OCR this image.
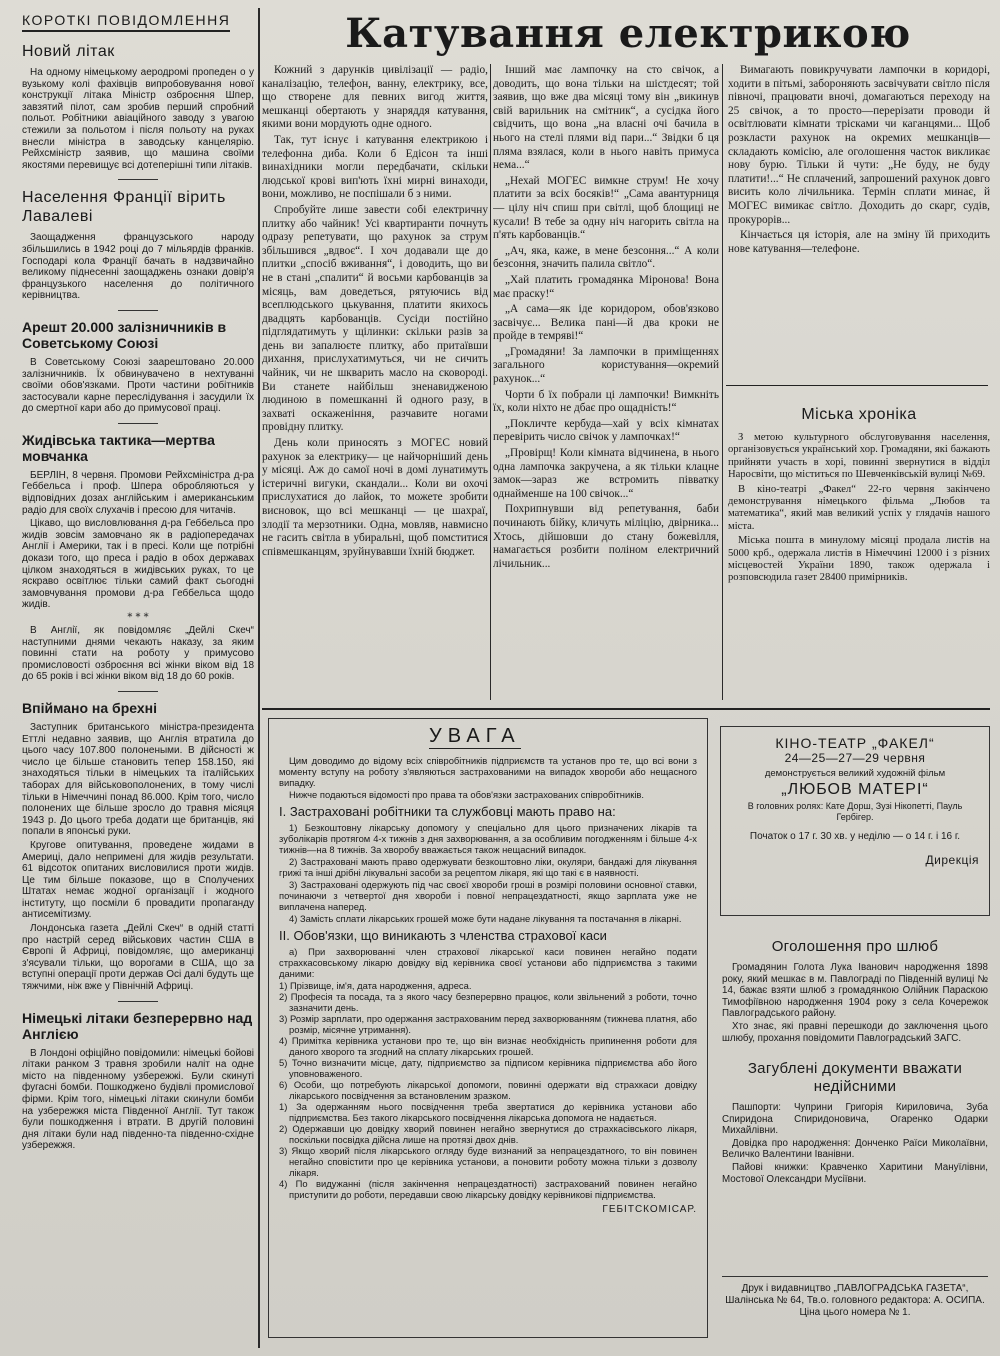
КОРОТКІ ПОВІДОМЛЕННЯ
Новий літак

На одному німецькому аеродромі пропеден о у вузькому колі фахівців випробовування нової конструкції літака Міністр озброєння Шпер, завзятий пілот, сам зробив перший спробний польот. Робітники авіаційного заводу з увагою стежили за польотом і після польоту на руках внесли міністра в заводську канцелярію. Рейхсміністр заявив, що машина своїми якостями перевищує всі дотеперішні типи літаків.

Населення Франції вірить Лавалеві

Заощадження французського народу збільшились в 1942 році до 7 мільярдів франків. Господарі кола Франції бачать в надзвичайно великому піднесенні заощаджень ознаки довір'я французького населення до політичного керівництва.

Арешт 20.000 залізничників в Советському Союзі

В Советському Союзі заарештовано 20.000 залізничників. Їх обвинувачено в нехтуванні своїми обов'язками. Проти частини робітників застосували карне переслідування і засудили їх до смертної кари або до примусової праці.

Жидівська тактика—мертва мовчанка

БЕРЛІН, 8 червня. Промови Рейхсміністра д-ра Геббельса і проф. Шпера обробляються у відповідних дозах англійським і американським радіо для своїх слухачів і пресою для читачів.

Цікаво, що висловлювання д-ра Геббельса про жидів зовсім замовчано як в радіопередачах Англії і Америки, так і в пресі. Коли ще потрібні докази того, що преса і радіо в обох державах цілком знаходяться в жидівських руках, то це яскраво освітлює тільки самий факт сьогодні замовчування промови д-ра Геббельса щодо жидів.

* * *

В Англії, як повідомляє „Дейлі Скеч“ наступними днями чекають наказу, за яким повинні стати на роботу у примусово промисловості озброєння всі жінки віком від 18 до 65 років і всі жінки віком від 18 до 60 років.

Впіймано на брехні

Заступник британського міністра-президента Еттлі недавно заявив, що Англія втратила до цього часу 107.800 полонеными. В дійсності ж число це більше становить тепер 158.150, які знаходяться тільки в німецьких та італійських таборах для військовополонених, в тому числі тільки в Німеччині понад 86.000. Крім того, число полонених ще більше зросло до травня місяця 1943 р. До цього треба додати ще британців, які попали в японські руки.

Кругове опитування, проведене жидами в Америці, дало непримені для жидів результати. 61 відсоток опитаних висловилися проти жидів. Це тим більше показове, що в Сполучених Штатах немає жодної організації і жодного інституту, що посміли б провадити пропаганду антисемітизму.

Лондонська газета „Дейлі Скеч“ в одній статті про настрій серед військових частин США в Європі й Африці, повідомляє, що американці з'ясували тільки, що ворогами в США, що за вступні операції проти держав Осі далі будуть ще тяжчими, ніж вже у Північній Африці.

Німецькі літаки безперервно над Англією

В Лондоні офіційно повідомили: німецькі бойові літаки ранком 3 травня зробили наліт на одне місто на південному узбережжі. Були скинуті фугасні бомби. Пошкоджено будівлі промислової фірми. Крім того, німецькі літаки скинули бомби на узбережжя міста Південної Англії. Тут також були пошкодження і втрати. В другій половині дня літаки були над південно-та південно-східне узбережжя.

Катування електрикою

Кожний з дарунків цивілізації — радіо, каналізацію, телефон, ванну, електрику, все, що створене для певних вигод життя, мешканці обертають у знаряддя катування, якими вони мордують одне одного.

Так, тут існує і катування електрикою і телефонна диба. Коли б Едісон та інші винахідники могли передбачати, скільки людської крові вип'ють їхні мирні винаходи, вони, можливо, не поспішали б з ними.

Спробуйте лише завести собі електричну плитку або чайник! Усі квартиранти почнуть одразу репетувати, що рахунок за струм збільшився „вдвоє“. І хоч додавали ще до плитки „спосіб вживання“, і доводить, що ви не в стані „спалити“ й восьми карбованців за місяць, вам доведеться, рятуючись від всеплюдського цькування, платити якихось двадцять карбованців. Сусіди постійно підглядатимуть у щілинки: скільки разів за день ви запалюєте плитку, або притаївши дихання, прислухатимуться, чи не сичить чайник, чи не шкварить масло на сковороді. Ви станете найбільш зненавидженою людиною в помешканні й одного разу, в захваті оскаженіння, разчавите ногами провідну плитку.

День коли приносять з МОГЕС новий рахунок за електрику— це найчорніший день у місяці. Аж до самої ночі в домі лунатимуть істеричні вигуки, скандали... Коли ви охочі прислухатися до лайок, то можете зробити висновок, що всі мешканці — це шахраї, злодії та мерзотники. Одна, мовляв, навмисно не гасить світла в убиральні, щоб помститися співмешканцям, зруйнувавши їхній бюджет.

Інший має лампочку на сто свічок, а доводить, що вона тільки на шістдесят; той заявив, що вже два місяці тому він „викинув свій варильник на смітник“, а сусідка його свідчить, що вона „на власні очі бачила в нього на стелі плями від пари...“ Звідки б ця пляма взялася, коли в нього навіть примуса нема...“

„Нехай МОГЕС вимкне струм! Не хочу платити за всіх босяків!“ „Сама авантурниця — цілу ніч спиш при світлі, щоб блощиці не кусали! В тебе за одну ніч нагорить світла на п'ять карбованців.“

„Ач, яка, каже, в мене безсоння...“ А коли безсоння, значить палила світло“.

„Хай платить громадянка Міронова! Вона має праску!“

„А сама—як іде коридором, обов'язково засвічує... Велика пані—й два кроки не пройде в темряві!“

„Громадяни! За лампочки в приміщеннях загального користування—окремий рахунок...“

Чорти б їх побрали ці лампочки! Вимкніть їх, коли ніхто не дбає про ощадність!“

„Покличте кербуда—хай у всіх кімнатах перевірить число свічок у лампочках!“

„Провірщ! Коли кімната відчинена, в нього одна лампочка закручена, а як тільки клацне замок—зараз же встромить півватку однайменше на 100 свічок...“

Похрипнувши від репетування, баби починають бійку, кличуть міліцію, двірника... Хтось, дійшовши до стану божевілля, намагається розбити поліном електричний лічильник...

Вимагають повикручувати лампочки в коридорі, ходити в пітьмі, забороняють засвічувати світло після півночі, працювати вночі, домагаються переходу на 25 свічок, а то просто—перерізати проводи й освітлювати кімнати трісками чи каганцями... Щоб розкласти рахунок на окремих мешканців—складають комісію, але оголошення часток викликає нову бурю. Тільки й чути: „Не буду, не буду платити!...“ Не сплачений, запрошений рахунок довго висить коло лічильника. Термін сплати минає, й МОГЕС вимикає світло. Доходить до скарг, судів, прокурорів...

Кінчається ця історія, але на зміну їй приходить нове катування—телефоне.

Міська хроніка

З метою культурного обслуговування населення, організовується український хор. Громадяни, які бажають прийняти участь в хорі, повинні звернутися в відділ Наросвіти, що міститься по Шевченківській вулиці №69.

В кіно-театрі „Факел“ 22-го червня закінчено демонстрування німецького фільма „Любов та математика“, який мав великий успіх у глядачів нашого міста.

Міська пошта в минулому місяці продала листів на 5000 крб., одержала листів в Німеччині 12000 і з різних місцевостей України 1890, також одержала і розповсюдила газет 28400 примірників.

УВАГА

Цим доводимо до відому всіх співробітників підприємств та установ про те, що всі вони з моменту вступу на роботу з'являються застрахованими на випадок хвороби або нещасного випадку.

Нижче подаються відомості про права та обов'язки застрахованих співробітників.

І. Застраховані робітники та службовці мають право на:

1) Безкоштовну лікарську допомогу у спеціально для цього призначених лікарів та зуболікарів протягом 4-х тижнів з дня захворювання, а за особливим погодженням і більше 4-х тижнів—на 8 тижнів. За хворобу вважається також нещасний випадок.

2) Застраховані мають право одержувати безкоштовно ліки, окуляри, бандажі для лікування грижі та інші дрібні лікувальні засоби за рецептом лікаря, які що такі є в наявності.

3) Застраховані одержують під час своєї хвороби гроші в розмірі половини основної ставки, починаючи з четвертої дня хвороби і повної непрацездатності, якщо зарплата уже не виплачена наперед.

4) Замість сплати лікарських грошей може бути надане лікування та постачання в лікарні.

ІІ. Обов'язки, що виникають з членства страхової каси

а) При захворюванні член страхової лікарської каси повинен негайно подати страхкасовському лікарю довідку від керівника своєї установи або підприємства з такими даними:

1) Прізвище, ім'я, дата народження, адреса.

2) Професія та посада, та з якого часу безперервно працює, коли звільнений з роботи, точно зазначити день.

3) Розмір зарплати, про одержання застрахованим перед захворюванням (тижнева платня, або розмір, місячне утримання).

4) Примітка керівника установи про те, що він визнає необхідність припинення роботи для даного хворого та згодний на сплату лікарських грошей.

5) Точно визначити місце, дату, підприємство за підписом керівника підприємства або його уповноваженого.

6) Особи, що потребують лікарської допомоги, повинні одержати від страхкаси довідку лікарського посвідчення за встановленим зразком.

1) За одержанням нього посвідчення треба звертатися до керівника установи або підприємства. Без такого лікарського посвідчення лікарська допомога не надається.

2) Одержавши цю довідку хворий повинен негайно звернутися до страхкасівського лікаря, поскільки посвідка дійсна лише на протязі двох днів.

3) Якщо хворий після лікарського огляду буде визнаний за непрацездатного, то він повинен негайно сповістити про це керівника установи, а поновити роботу можна тільки з дозволу лікаря.

4) По видужанні (після закінчення непрацездатності) застрахований повинен негайно приступити до роботи, передавши свою лікарську довідку керівникові підприємства.

ГЕБІТСКОМІСАР.
КІНО-ТЕАТР „ФАКЕЛ“
24—25—27—29 червня
демонструється великий художній фільм
„ЛЮБОВ МАТЕРІ“
В головних ролях: Кате Дорш, Зузі Нікопетті, Пауль Гербігер.
Початок о 17 г. 30 хв. у неділю — о 14 г. і 16 г.
Дирекція
Оголошення про шлюб

Громадянин Голота Лука Іванович народження 1898 року, який мешкає в м. Павлограді по Південній вулиці № 14, бажає взяти шлюб з громадянкою Олійник Параскою Тимофіївною народження 1904 року з села Кочережок Павлоградського району.

Хто знає, які правні перешкоди до заключення цього шлюбу, прохання повідомити Павлоградський ЗАГС.

Загублені документи вважати недійсними

Пашпорти: Чуприни Григорія Кириловича, Зуба Спиридона Спиридоновича, Огаренко Одарки Михайлівни.

Довідка про народження: Донченко Раїси Миколаївни, Величко Валентини Іванівни.

Пайові книжки: Кравченко Харитини Мануїлівни, Мостової Олександри Мусіївни.

Друк і видавництво „ПАВЛОГРАДСЬКА ГАЗЕТА“, Шалінська № 64, Тв.о. головного редактора: А. ОСИПА.
Ціна цього номера № 1.
